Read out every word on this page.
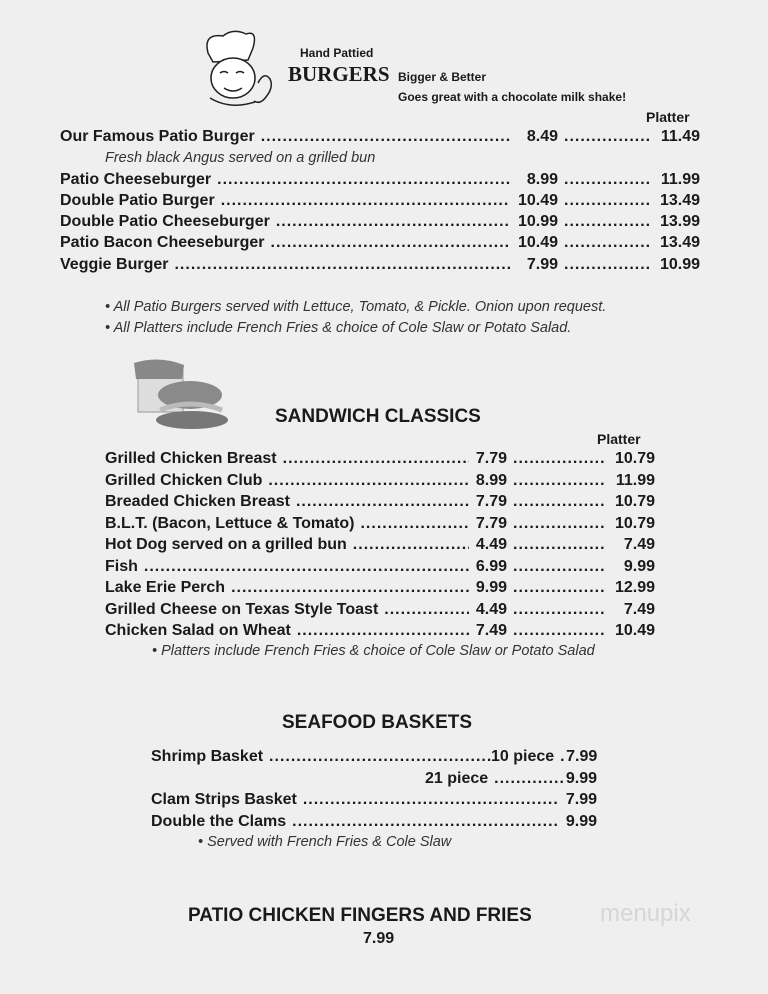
Hand Pattied
BURGERS Bigger & Better
Goes great with a chocolate milk shake!
Platter
Our Famous Patio Burger .....	8.49 .....	11.49
Fresh black Angus served on a grilled bun
Patio Cheeseburger .....	8.99 .....	11.99
Double Patio Burger .....	10.49 .....	13.49
Double Patio Cheeseburger .....	10.99 .....	13.99
Patio Bacon Cheeseburger .....	10.49 .....	13.49
Veggie Burger .....	7.99 .....	10.99
• All Patio Burgers served with Lettuce, Tomato, & Pickle. Onion upon request.
• All Platters include French Fries & choice of Cole Slaw or Potato Salad.
SANDWICH CLASSICS
Platter
Grilled Chicken Breast .....	7.79 .....	10.79
Grilled Chicken Club .....	8.99 .....	11.99
Breaded Chicken Breast .....	7.79 .....	10.79
B.L.T. (Bacon, Lettuce & Tomato) .....	7.79 .....	10.79
Hot Dog served on a grilled bun .....	4.49 .....	7.49
Fish .....	6.99 .....	9.99
Lake Erie Perch .....	9.99 .....	12.99
Grilled Cheese on Texas Style Toast .....	4.49 .....	7.49
Chicken Salad on Wheat .....	7.49 .....	10.49
• Platters include French Fries & choice of Cole Slaw or Potato Salad
SEAFOOD BASKETS
Shrimp Basket .....	10 piece ..... 7.99
21 piece .....	9.99
Clam Strips Basket .....	7.99
Double the Clams .....	9.99
• Served with French Fries & Cole Slaw
PATIO CHICKEN FINGERS AND FRIES
7.99
menupix
